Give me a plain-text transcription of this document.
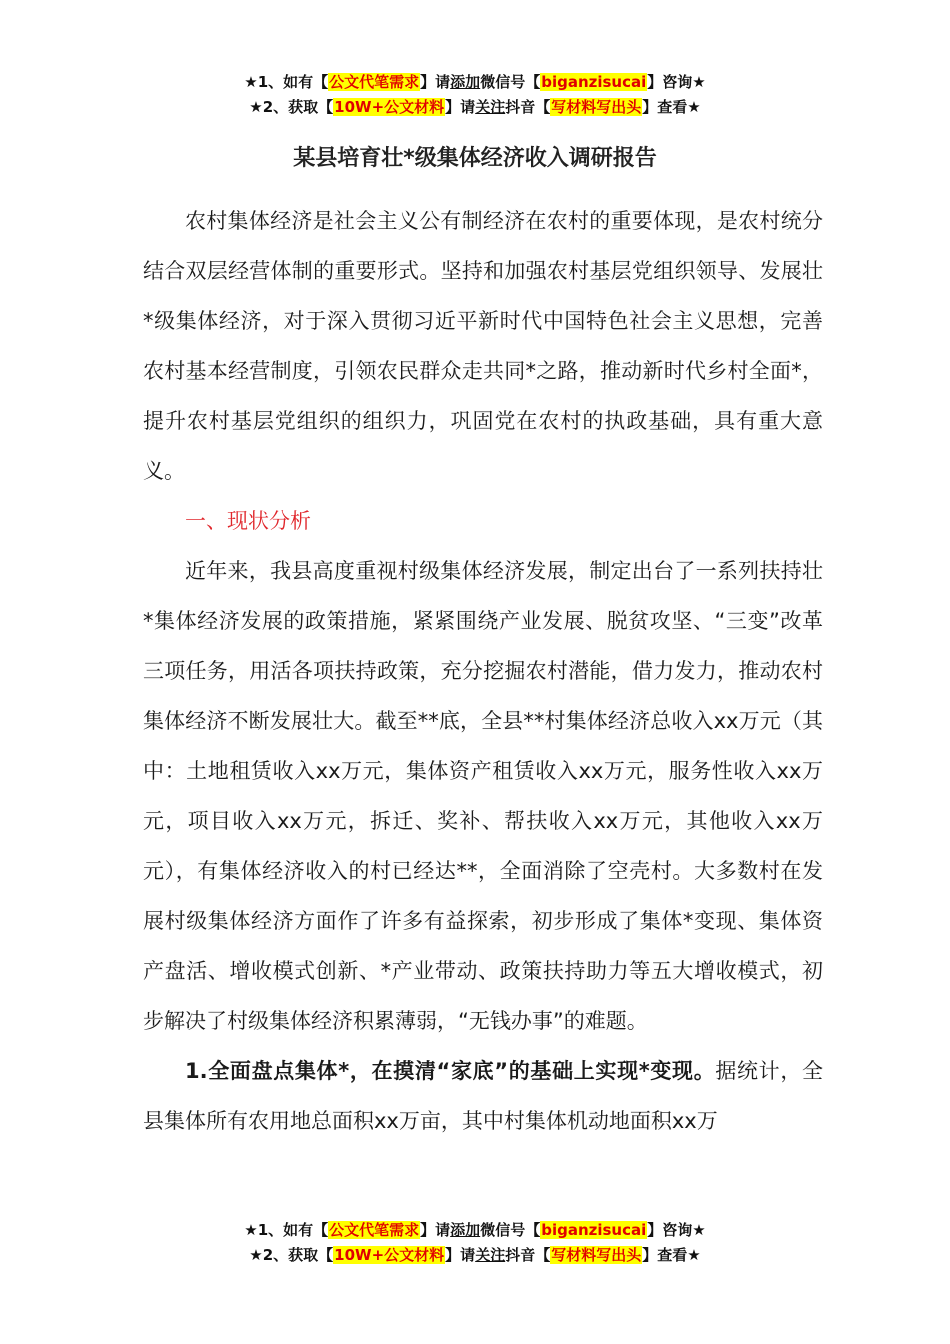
★1、如有【公文代笔需求】请添加微信号【biganzisucai】咨询★
★2、获取【10W+公文材料】请关注抖音【写材料写出头】查看★
某县培育壮*级集体经济收入调研报告

农村集体经济是社会主义公有制经济在农村的重要体现，是农村统分结合双层经营体制的重要形式。坚持和加强农村基层党组织领导、发展壮*级集体经济，对于深入贯彻习近平新时代中国特色社会主义思想，完善农村基本经营制度，引领农民群众走共同*之路，推动新时代乡村全面*，提升农村基层党组织的组织力，巩固党在农村的执政基础，具有重大意义。

一、现状分析

近年来，我县高度重视村级集体经济发展，制定出台了一系列扶持壮*集体经济发展的政策措施，紧紧围绕产业发展、脱贫攻坚、“三变”改革三项任务，用活各项扶持政策，充分挖掘农村潜能，借力发力，推动农村集体经济不断发展壮大。截至**底，全县**村集体经济总收入xx万元（其中：土地租赁收入xx万元，集体资产租赁收入xx万元，服务性收入xx万元，项目收入xx万元，拆迁、奖补、帮扶收入xx万元，其他收入xx万元），有集体经济收入的村已经达**，全面消除了空壳村。大多数村在发展村级集体经济方面作了许多有益探索，初步形成了集体*变现、集体资产盘活、增收模式创新、*产业带动、政策扶持助力等五大增收模式，初步解决了村级集体经济积累薄弱，“无钱办事”的难题。

1.全面盘点集体*，在摸清“家底”的基础上实现*变现。据统计，全县集体所有农用地总面积xx万亩，其中村集体机动地面积xx万

★1、如有【公文代笔需求】请添加微信号【biganzisucai】咨询★
★2、获取【10W+公文材料】请关注抖音【写材料写出头】查看★
